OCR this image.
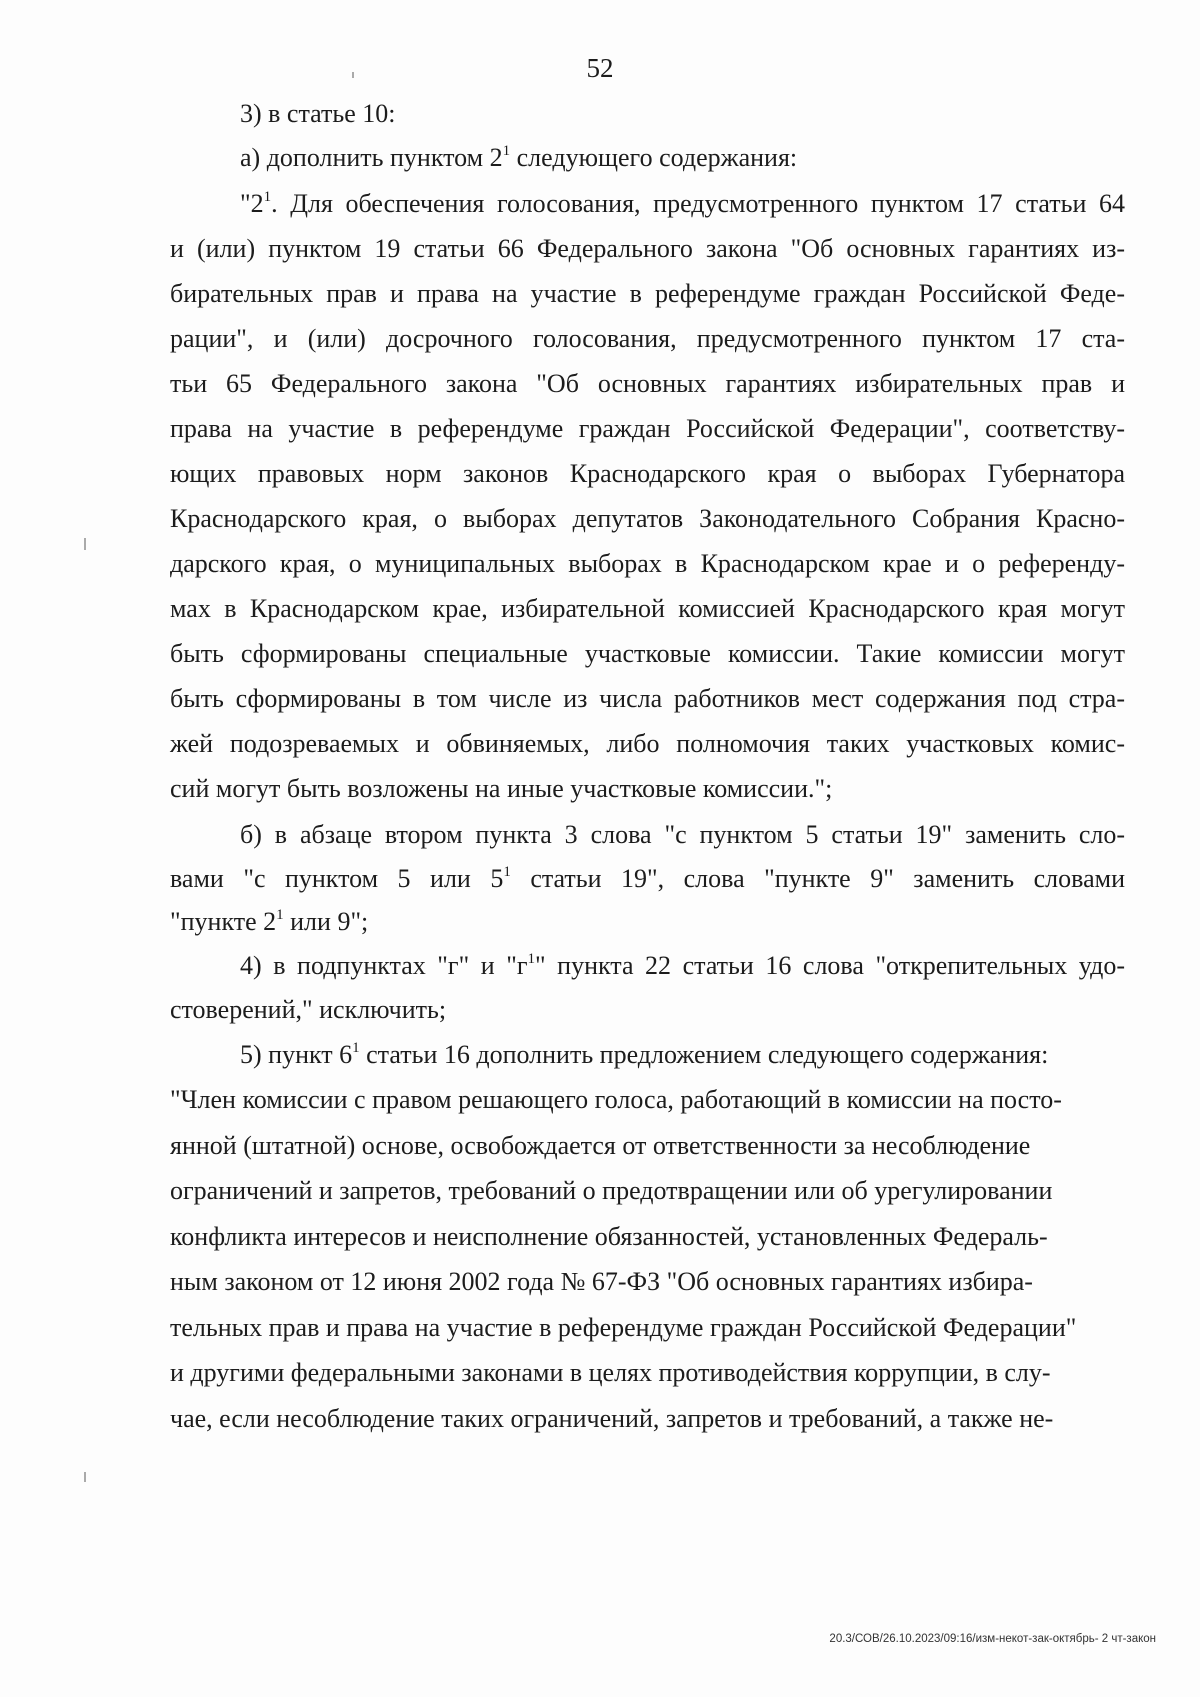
52

3) в статье 10:

а) дополнить пунктом $2^1$ следующего содержания:

"$2^1$. Для обеспечения голосования, предусмотренного пунктом 17 статьи 64
и (или) пунктом 19 статьи 66 Федерального закона "Об основных гарантиях из-
бирательных прав и права на участие в референдуме граждан Российской Феде-
рации", и (или) досрочного голосования, предусмотренного пунктом 17 ста-
тьи 65 Федерального закона "Об основных гарантиях избирательных прав и
права на участие в референдуме граждан Российской Федерации", соответству-
ющих правовых норм законов Краснодарского края о выборах Губернатора
Краснодарского края, о выборах депутатов Законодательного Собрания Красно-
дарского края, о муниципальных выборах в Краснодарском крае и о референду-
мах в Краснодарском крае, избирательной комиссией Краснодарского края могут
быть сформированы специальные участковые комиссии. Такие комиссии могут
быть сформированы в том числе из числа работников мест содержания под стра-
жей подозреваемых и обвиняемых, либо полномочия таких участковых комис-
сий могут быть возложены на иные участковые комиссии.";

б) в абзаце втором пункта 3 слова "с пунктом 5 статьи 19" заменить сло-
вами "с пунктом 5 или $5^1$ статьи 19", слова "пункте 9" заменить словами
"пункте $2^1$ или 9";

4) в подпунктах "г" и "$г^1$" пункта 22 статьи 16 слова "открепительных удо-
стоверений," исключить;

5) пункт $6^1$ статьи 16 дополнить предложением следующего содержания:
"Член комиссии с правом решающего голоса, работающий в комиссии на посто-
янной (штатной) основе, освобождается от ответственности за несоблюдение
ограничений и запретов, требований о предотвращении или об урегулировании
конфликта интересов и неисполнение обязанностей, установленных Федераль-
ным законом от 12 июня 2002 года № 67-ФЗ "Об основных гарантиях избира-
тельных прав и права на участие в референдуме граждан Российской Федерации"
и другими федеральными законами в целях противодействия коррупции, в слу-
чае, если несоблюдение таких ограничений, запретов и требований, а также не-

20.3/СОВ/26.10.2023/09:16/изм-некот-зак-октябрь- 2 чт-закон
